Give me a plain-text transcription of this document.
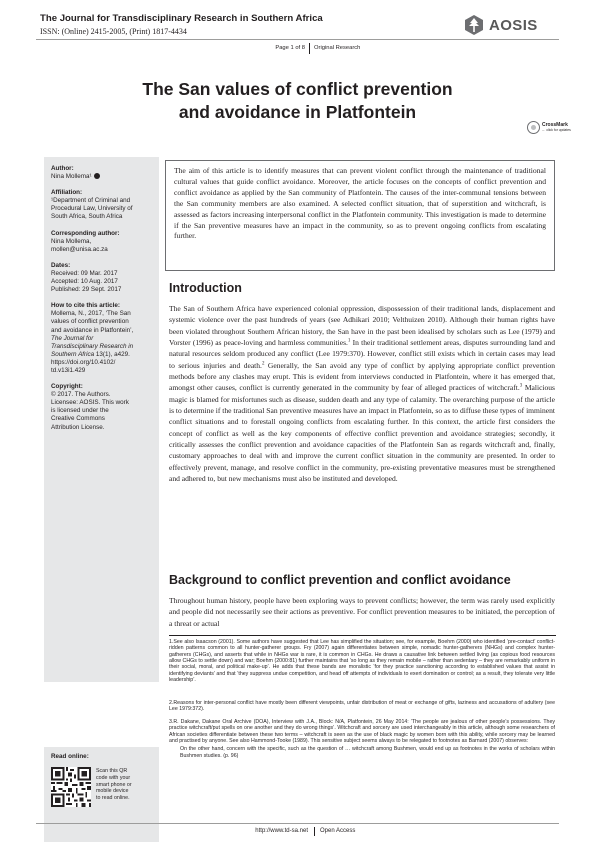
The Journal for Transdisciplinary Research in Southern Africa
ISSN: (Online) 2415-2005, (Print) 1817-4434	AOSIS
Page 1 of 8 Original Research
The San values of conflict prevention
and avoidance in Platfontein
CrossMark
← click for updates
Author:
Nina Mollema¹
Affiliation:
¹Department of Criminal and
Procedural Law, University of
South Africa, South Africa
Corresponding author:
Nina Mollema,
mollen@unisa.ac.za
Dates:
Received: 09 Mar. 2017
Accepted: 10 Aug. 2017
Published: 29 Sept. 2017
How to cite this article:
Mollema, N., 2017, ‘The San
values of conflict prevention
and avoidance in Platfontein’,
The Journal for
Transdisciplinary Research in
Southern Africa 13(1), a429.
https://doi.org/10.4102/
td.v13i1.429
Copyright:
© 2017. The Authors.
Licensee: AOSIS. This work
is licensed under the
Creative Commons
Attribution License.
Read online:
Scan this QR
code with your
smart phone or
mobile device
to read online.
The aim of this article is to identify measures that can prevent violent conflict through the maintenance of traditional cultural values that guide conflict avoidance. Moreover, the article focuses on the concepts of conflict prevention and conflict avoidance as applied by the San community of Platfontein. The causes of the inter-communal tensions between the San community members are also examined. A selected conflict situation, that of superstition and witchcraft, is assessed as factors increasing interpersonal conflict in the Platfontein community. This investigation is made to determine if the San preventive measures have an impact in the community, so as to prevent ongoing conflicts from escalating further.
Introduction

The San of Southern Africa have experienced colonial oppression, dispossession of their traditional lands, displacement and systemic violence over the past hundreds of years (see Adhikari 2010; Velthuizen 2010). Although their human rights have been violated throughout Southern African history, the San have in the past been idealised by scholars such as Lee (1979) and Vorster (1996) as peace-loving and harmless communities.$^1$ In their traditional settlement areas, disputes surrounding land and natural resources seldom produced any conflict (Lee 1979:370). However, conflict still exists which in certain cases may lead to serious injuries and death.$^2$ Generally, the San avoid any type of conflict by applying appropriate conflict prevention methods before any clashes may erupt. This is evident from interviews conducted in Platfontein, where it has emerged that, amongst other causes, conflict is currently generated in the community by fear of alleged practices of witchcraft.$^3$ Malicious magic is blamed for misfortunes such as disease, sudden death and any type of calamity. The overarching purpose of the article is to determine if the traditional San preventive measures have an impact in Platfontein, so as to diffuse these types of imminent conflict situations and to forestall ongoing conflicts from escalating further. In this context, the article first considers the concept of conflict as well as the key components of effective conflict prevention and avoidance strategies; secondly, it critically assesses the conflict prevention and avoidance capacities of the Platfontein San as regards witchcraft and, finally, customary approaches to deal with and improve the current conflict situation in the community are presented. In order to effectively prevent, manage, and resolve conflict in the community, pre-existing preventative measures must be strengthened and adhered to, but new mechanisms must also be instituted and developed.

Background to conflict prevention and conflict avoidance

Throughout human history, people have been exploring ways to prevent conflicts; however, the term was rarely used explicitly and people did not necessarily see their actions as preventive. For conflict prevention measures to be initiated, the perception of a threat or actual

1.See also Isaacson (2001). Some authors have suggested that Lee has simplified the situation; see, for example, Boehm (2000) who identified ‘pre-contact’ conflict-ridden patterns common to all hunter-gatherer groups. Fry (2007) again differentiates between simple, nomadic hunter-gatherers (NHGs) and complex hunter-gatherers (CHGs), and asserts that while in NHGs war is rare, it is common in CHGs. He draws a causative link between settled living (as copious food resources allow CHGs to settle down) and war; Boehm (2000:81) further maintains that ‘so long as they remain mobile – rather than sedentary – they are remarkably uniform in their social, moral, and political make-up’. He adds that these bands are moralistic ‘for they practice sanctioning according to established values that assist in identifying deviants’ and that ‘they suppress undue competition, and head off attempts of individuals to exert domination or control; as a result, they tolerate very little leadership’.
2.Reasons for inter-personal conflict have mostly been different viewpoints, unfair distribution of meat or exchange of gifts, laziness and accusations of adultery (see Lee 1979:372).
3.R. Dakane, Dakane Oral Archive (DOA), Interview with J.A., Block: N/A, Platfontein, 26 May 2014: ‘The people are jealous of other people’s possessions. They practice witchcraft/put spells on one another and they do wrong things’. Witchcraft and sorcery are used interchangeably in this article, although some researchers of African societies differentiate between these two terms – witchcraft is seen as the use of black magic by women born with this ability, while sorcery may be learned and practised by anyone. See also Hammond-Tooke (1989). This sensitive subject seems always to be relegated to footnotes as Barnard (2007) observes:
On the other hand, concern with the specific, such as the question of … witchcraft among Bushmen, would end up as footnotes in the works of scholars within Bushmen studies. (p. 96)
http://www.td-sa.net Open Access
